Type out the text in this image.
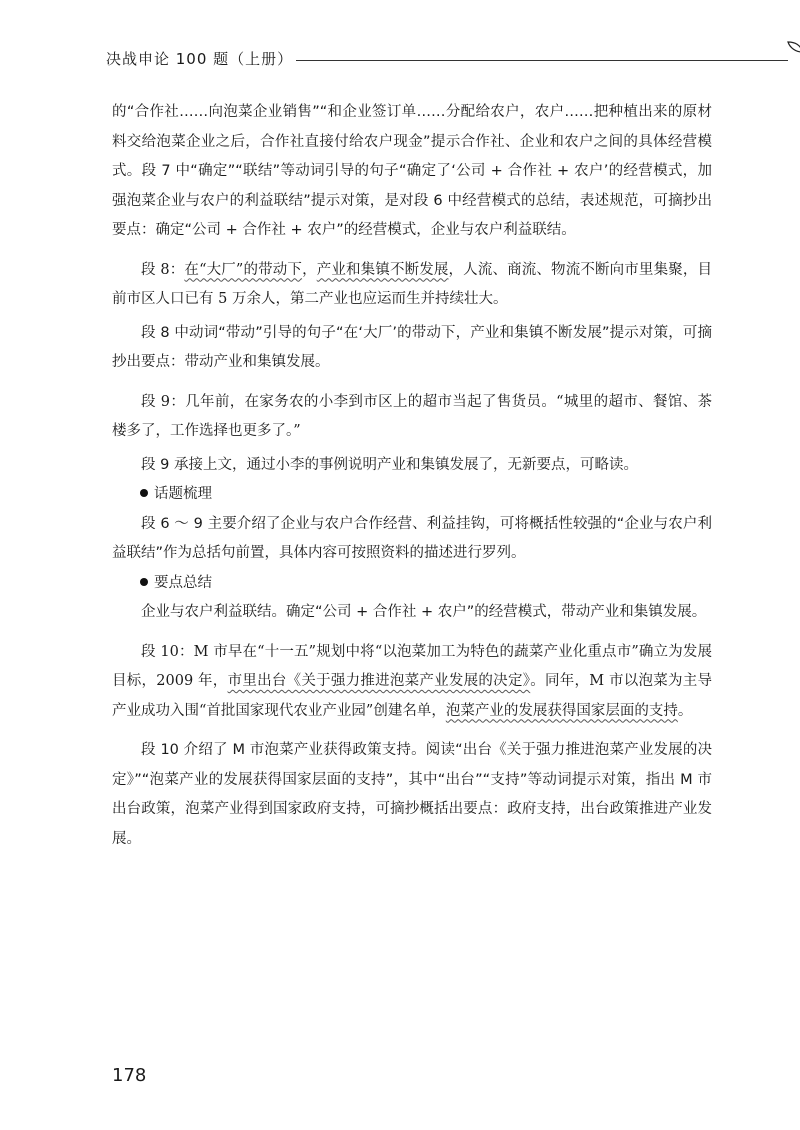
决战申论 100 题（上册）

的“合作社……向泡菜企业销售”“和企业签订单……分配给农户，农户……把种植出来的原材料交给泡菜企业之后，合作社直接付给农户现金”提示合作社、企业和农户之间的具体经营模式。段 7 中“确定”“联结”等动词引导的句子“确定了‘公司 + 合作社 + 农户’的经营模式，加强泡菜企业与农户的利益联结”提示对策，是对段 6 中经营模式的总结，表述规范，可摘抄出要点：确定“公司 + 合作社 + 农户”的经营模式，企业与农户利益联结。

段 8：在“大厂”的带动下，产业和集镇不断发展，人流、商流、物流不断向市里集聚，目前市区人口已有 5 万余人，第二产业也应运而生并持续壮大。

段 8 中动词“带动”引导的句子“在‘大厂’的带动下，产业和集镇不断发展”提示对策，可摘抄出要点：带动产业和集镇发展。

段 9：几年前，在家务农的小李到市区上的超市当起了售货员。“城里的超市、餐馆、茶楼多了，工作选择也更多了。”

段 9 承接上文，通过小李的事例说明产业和集镇发展了，无新要点，可略读。

话题梳理

段 6 ～ 9 主要介绍了企业与农户合作经营、利益挂钩，可将概括性较强的“企业与农户利益联结”作为总括句前置，具体内容可按照资料的描述进行罗列。

要点总结

企业与农户利益联结。确定“公司 + 合作社 + 农户”的经营模式，带动产业和集镇发展。

段 10：M 市早在“十一五”规划中将“以泡菜加工为特色的蔬菜产业化重点市”确立为发展目标，2009 年，市里出台《关于强力推进泡菜产业发展的决定》。同年，M 市以泡菜为主导产业成功入围“首批国家现代农业产业园”创建名单，泡菜产业的发展获得国家层面的支持。

段 10 介绍了 M 市泡菜产业获得政策支持。阅读“出台《关于强力推进泡菜产业发展的决定》”“泡菜产业的发展获得国家层面的支持”，其中“出台”“支持”等动词提示对策，指出 M 市出台政策，泡菜产业得到国家政府支持，可摘抄概括出要点：政府支持，出台政策推进产业发展。

178
